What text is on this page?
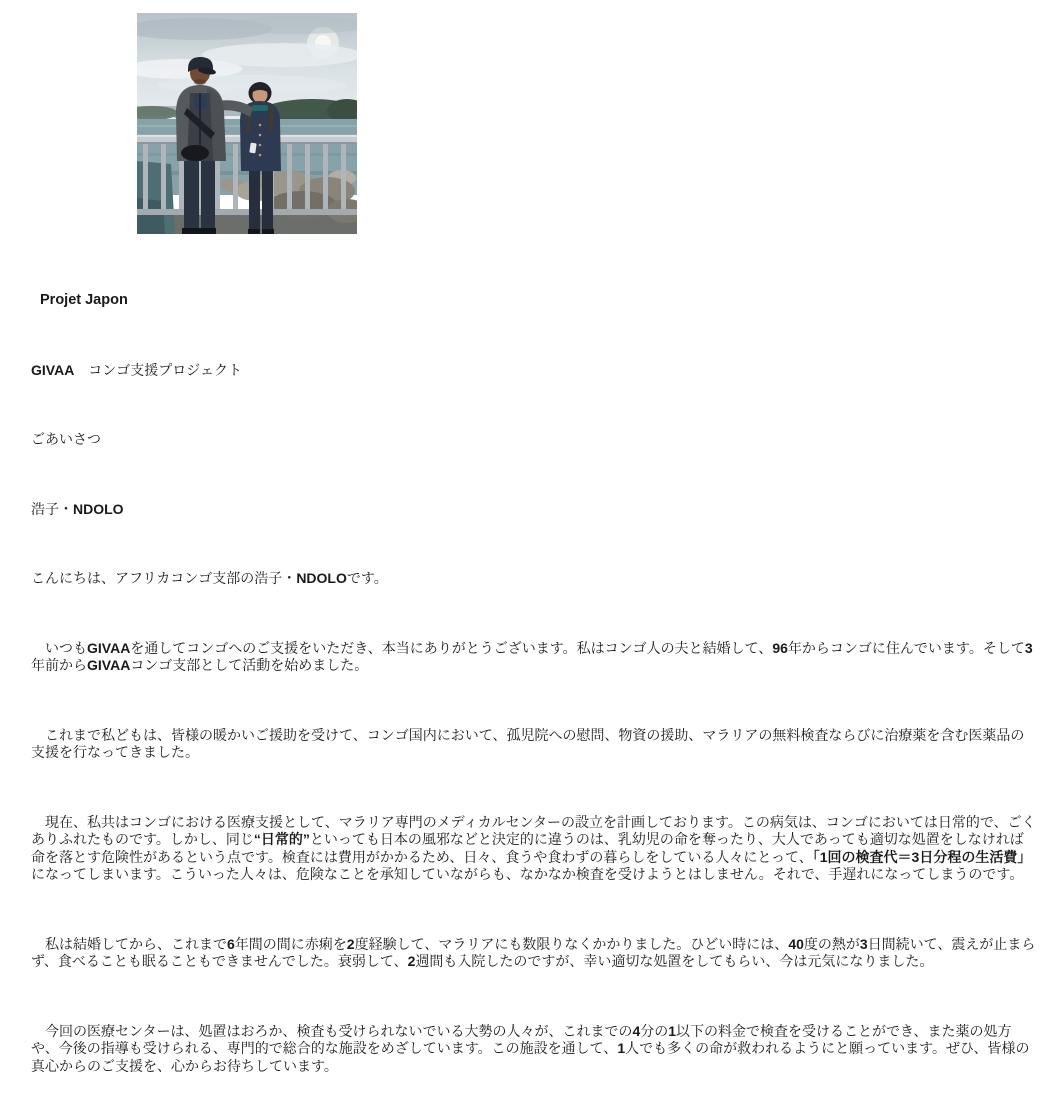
Projet Japon
GIVAA　コンゴ支援プロジェクト
ごあいさつ
浩子・NDOLO
こんにちは、アフリカコンゴ支部の浩子・NDOLOです。
　いつもGIVAAを通してコンゴへのご支援をいただき、本当にありがとうございます。私はコンゴ人の夫と結婚して、96年からコンゴに住んでいます。そして3年前からGIVAAコンゴ支部として活動を始めました。
　これまで私どもは、皆様の暖かいご援助を受けて、コンゴ国内において、孤児院への慰問、物資の援助、マラリアの無料検査ならびに治療薬を含む医薬品の支援を行なってきました。
　現在、私共はコンゴにおける医療支援として、マラリア専門のメディカルセンターの設立を計画しております。この病気は、コンゴにおいては日常的で、ごくありふれたものです。しかし、同じ“日常的”といっても日本の風邪などと決定的に違うのは、乳幼児の命を奪ったり、大人であっても適切な処置をしなければ命を落とす危険性があるという点です。検査には費用がかかるため、日々、食うや食わずの暮らしをしている人々にとって、「1回の検査代＝3日分程の生活費」になってしまいます。こういった人々は、危険なことを承知していながらも、なかなか検査を受けようとはしません。それで、手遅れになってしまうのです。
　私は結婚してから、これまで6年間の間に赤痢を2度経験して、マラリアにも数限りなくかかりました。ひどい時には、40度の熱が3日間続いて、震えが止まらず、食べることも眠ることもできませんでした。衰弱して、2週間も入院したのですが、幸い適切な処置をしてもらい、今は元気になりました。
　今回の医療センターは、処置はおろか、検査も受けられないでいる大勢の人々が、これまでの4分の1以下の料金で検査を受けることができ、また薬の処方や、今後の指導も受けられる、専門的で総合的な施設をめざしています。この施設を通して、1人でも多くの命が救われるようにと願っています。ぜひ、皆様の真心からのご支援を、心からお待ちしています。
